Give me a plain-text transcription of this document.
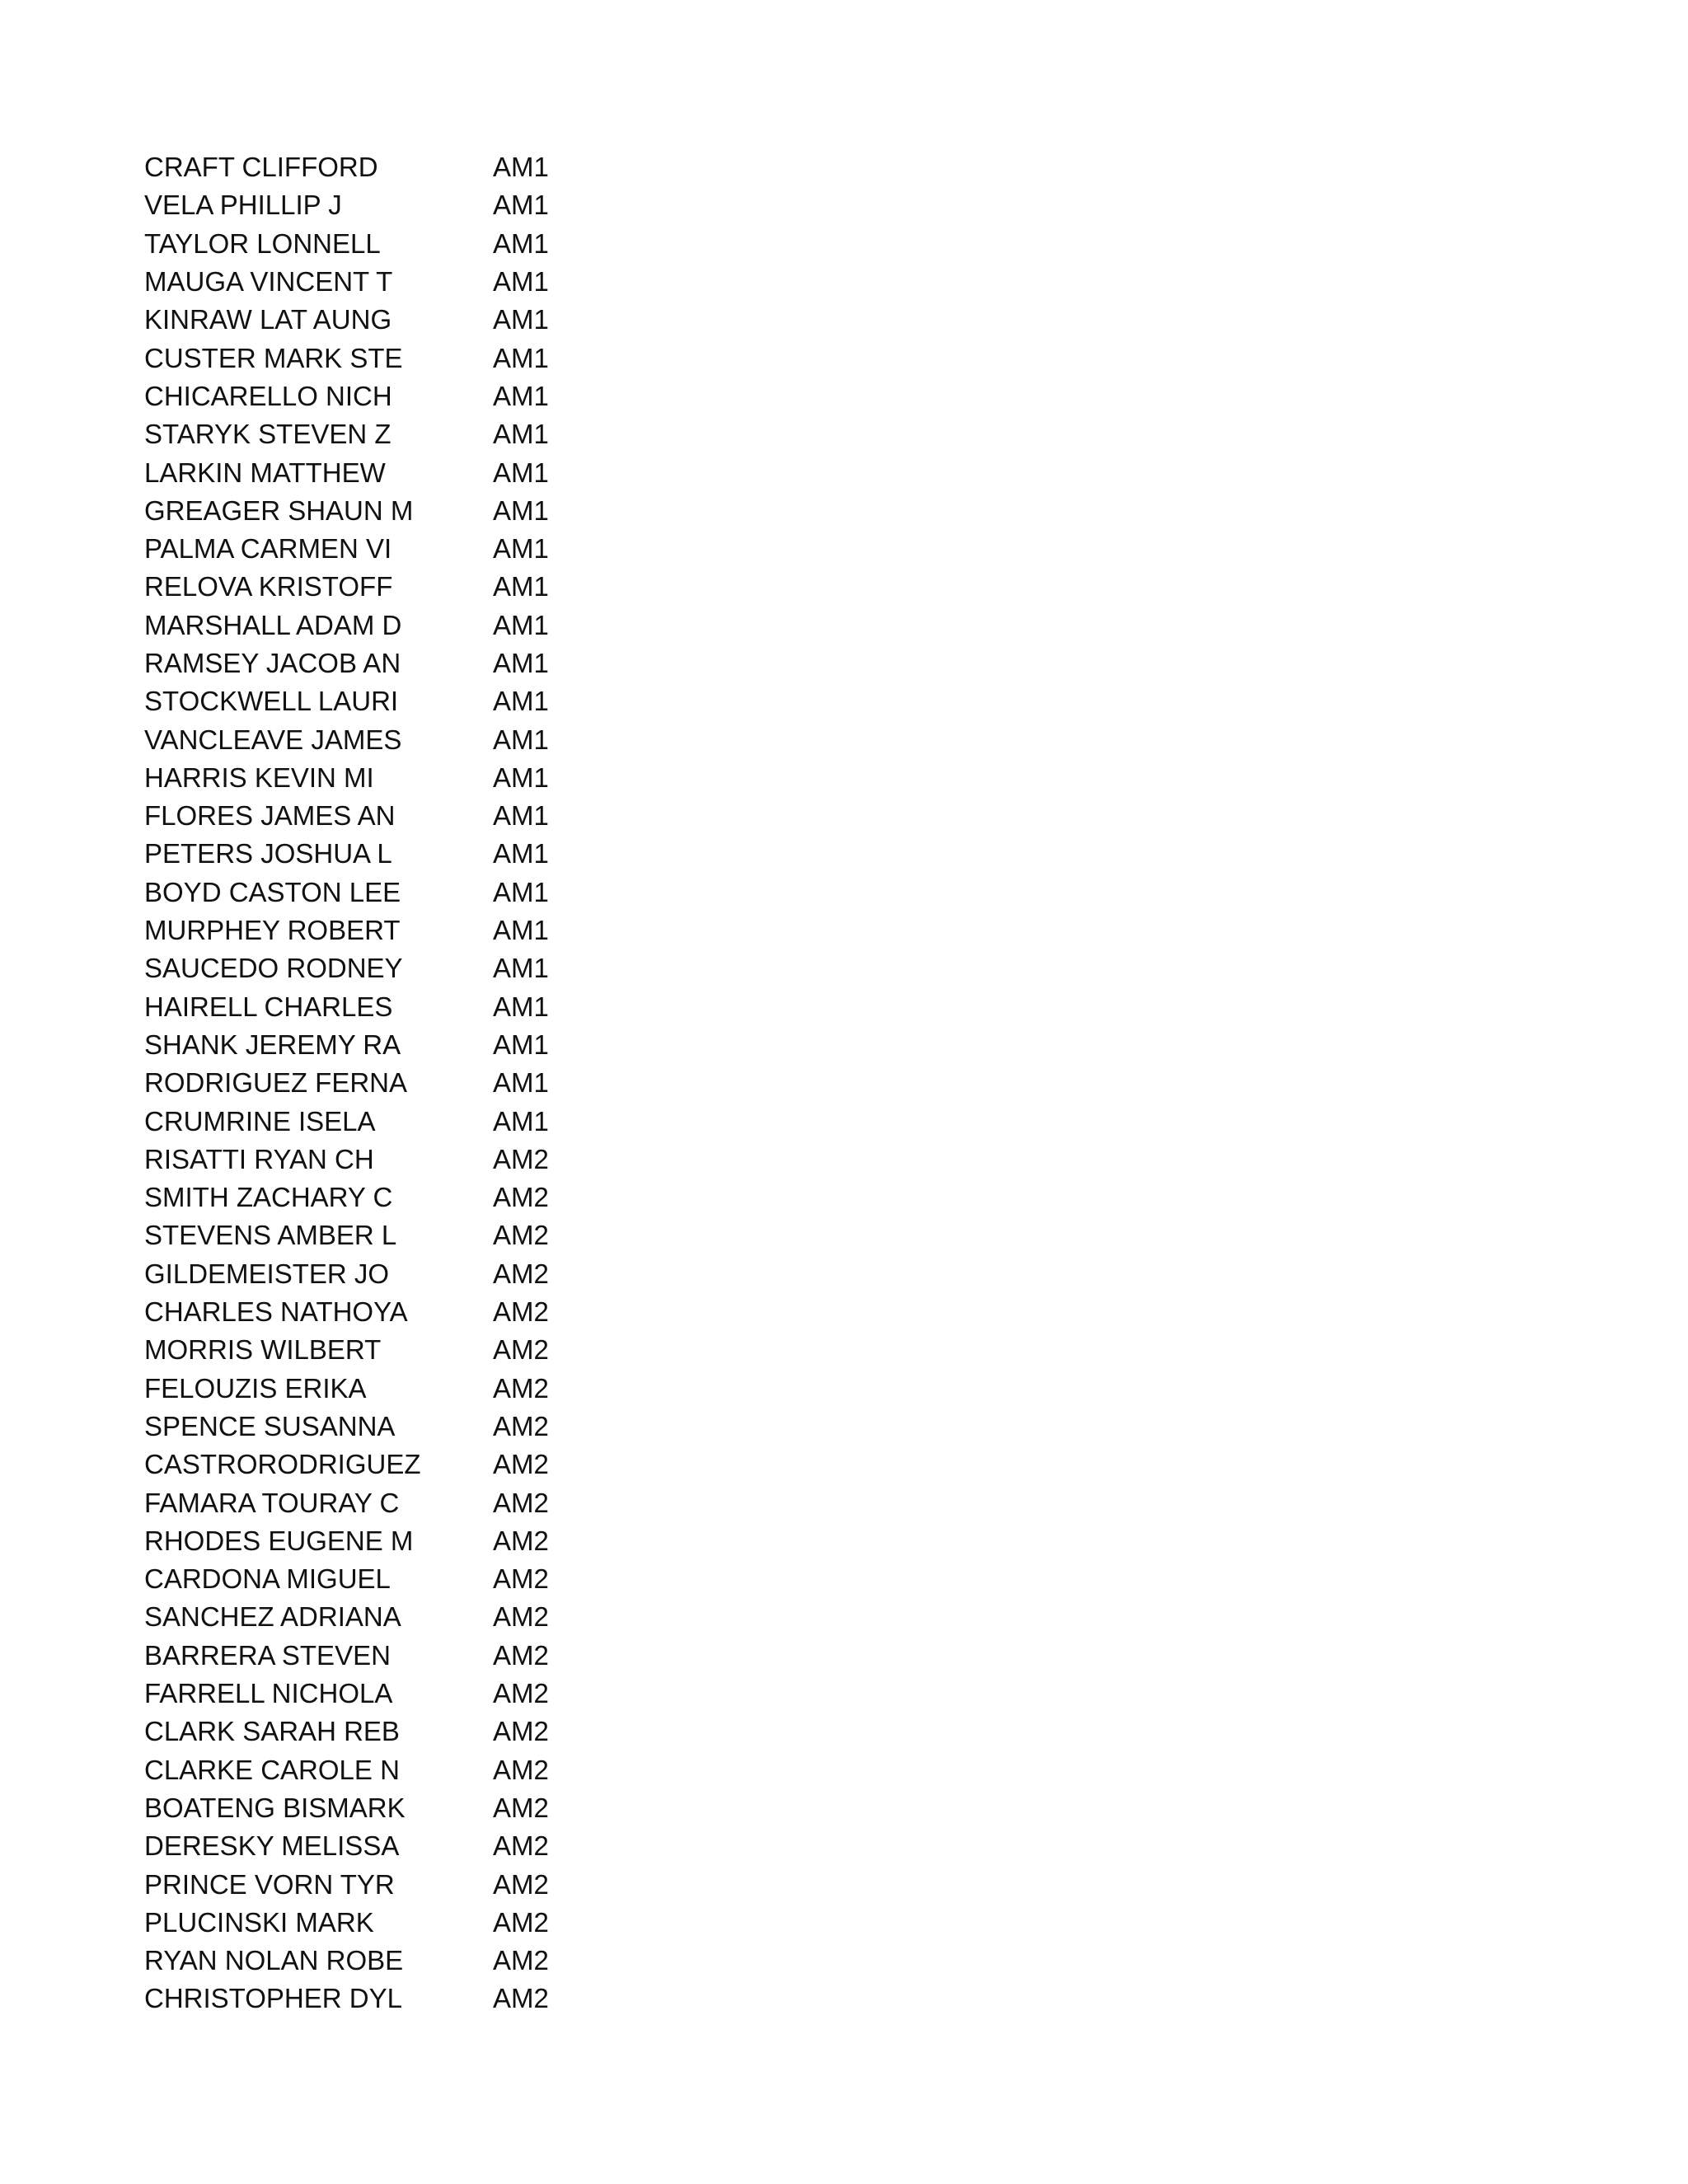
CRAFT CLIFFORD	AM1
VELA PHILLIP J	AM1
TAYLOR LONNELL	AM1
MAUGA VINCENT T	AM1
KINRAW LAT AUNG	AM1
CUSTER MARK STE	AM1
CHICARELLO NICH	AM1
STARYK STEVEN Z	AM1
LARKIN MATTHEW	AM1
GREAGER SHAUN M	AM1
PALMA CARMEN VI	AM1
RELOVA KRISTOFF	AM1
MARSHALL ADAM D	AM1
RAMSEY JACOB AN	AM1
STOCKWELL LAURI	AM1
VANCLEAVE JAMES	AM1
HARRIS KEVIN MI	AM1
FLORES JAMES AN	AM1
PETERS JOSHUA L	AM1
BOYD CASTON LEE	AM1
MURPHEY ROBERT	AM1
SAUCEDO RODNEY	AM1
HAIRELL CHARLES	AM1
SHANK JEREMY RA	AM1
RODRIGUEZ FERNA	AM1
CRUMRINE ISELA	AM1
RISATTI RYAN CH	AM2
SMITH ZACHARY C	AM2
STEVENS AMBER L	AM2
GILDEMEISTER JO	AM2
CHARLES NATHOYA	AM2
MORRIS WILBERT	AM2
FELOUZIS ERIKA	AM2
SPENCE SUSANNA	AM2
CASTRORODRIGUEZ	AM2
FAMARA TOURAY C	AM2
RHODES EUGENE M	AM2
CARDONA MIGUEL	AM2
SANCHEZ ADRIANA	AM2
BARRERA STEVEN	AM2
FARRELL NICHOLA	AM2
CLARK SARAH REB	AM2
CLARKE CAROLE N	AM2
BOATENG BISMARK	AM2
DERESKY MELISSA	AM2
PRINCE VORN TYR	AM2
PLUCINSKI MARK	AM2
RYAN NOLAN ROBE	AM2
CHRISTOPHER DYL	AM2
